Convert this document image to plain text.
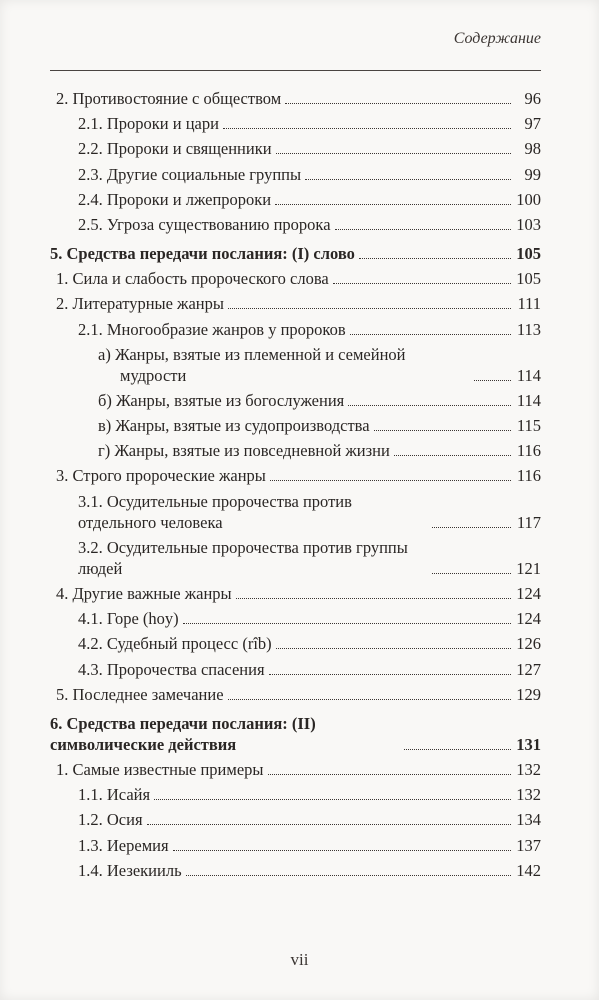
Содержание
2. Противостояние с обществом	96
2.1. Пророки и цари	97
2.2. Пророки и священники	98
2.3. Другие социальные группы	99
2.4. Пророки и лжепророки	100
2.5. Угроза существованию пророка	103
5. Средства передачи послания: (I) слово	105
1. Сила и слабость пророческого слова	105
2. Литературные жанры	111
2.1. Многообразие жанров у пророков	113
а) Жанры, взятые из племенной и семейной мудрости	114
б) Жанры, взятые из богослужения	114
в) Жанры, взятые из судопроизводства	115
г) Жанры, взятые из повседневной жизни	116
3. Строго пророческие жанры	116
3.1. Осудительные пророчества против отдельного человека	117
3.2. Осудительные пророчества против группы людей	121
4. Другие важные жанры	124
4.1. Горе (hoy)	124
4.2. Судебный процесс (rîb)	126
4.3. Пророчества спасения	127
5. Последнее замечание	129
6. Средства передачи послания: (II) символические действия	131
1. Самые известные примеры	132
1.1. Исайя	132
1.2. Осия	134
1.3. Иеремия	137
1.4. Иезекииль	142
vii
